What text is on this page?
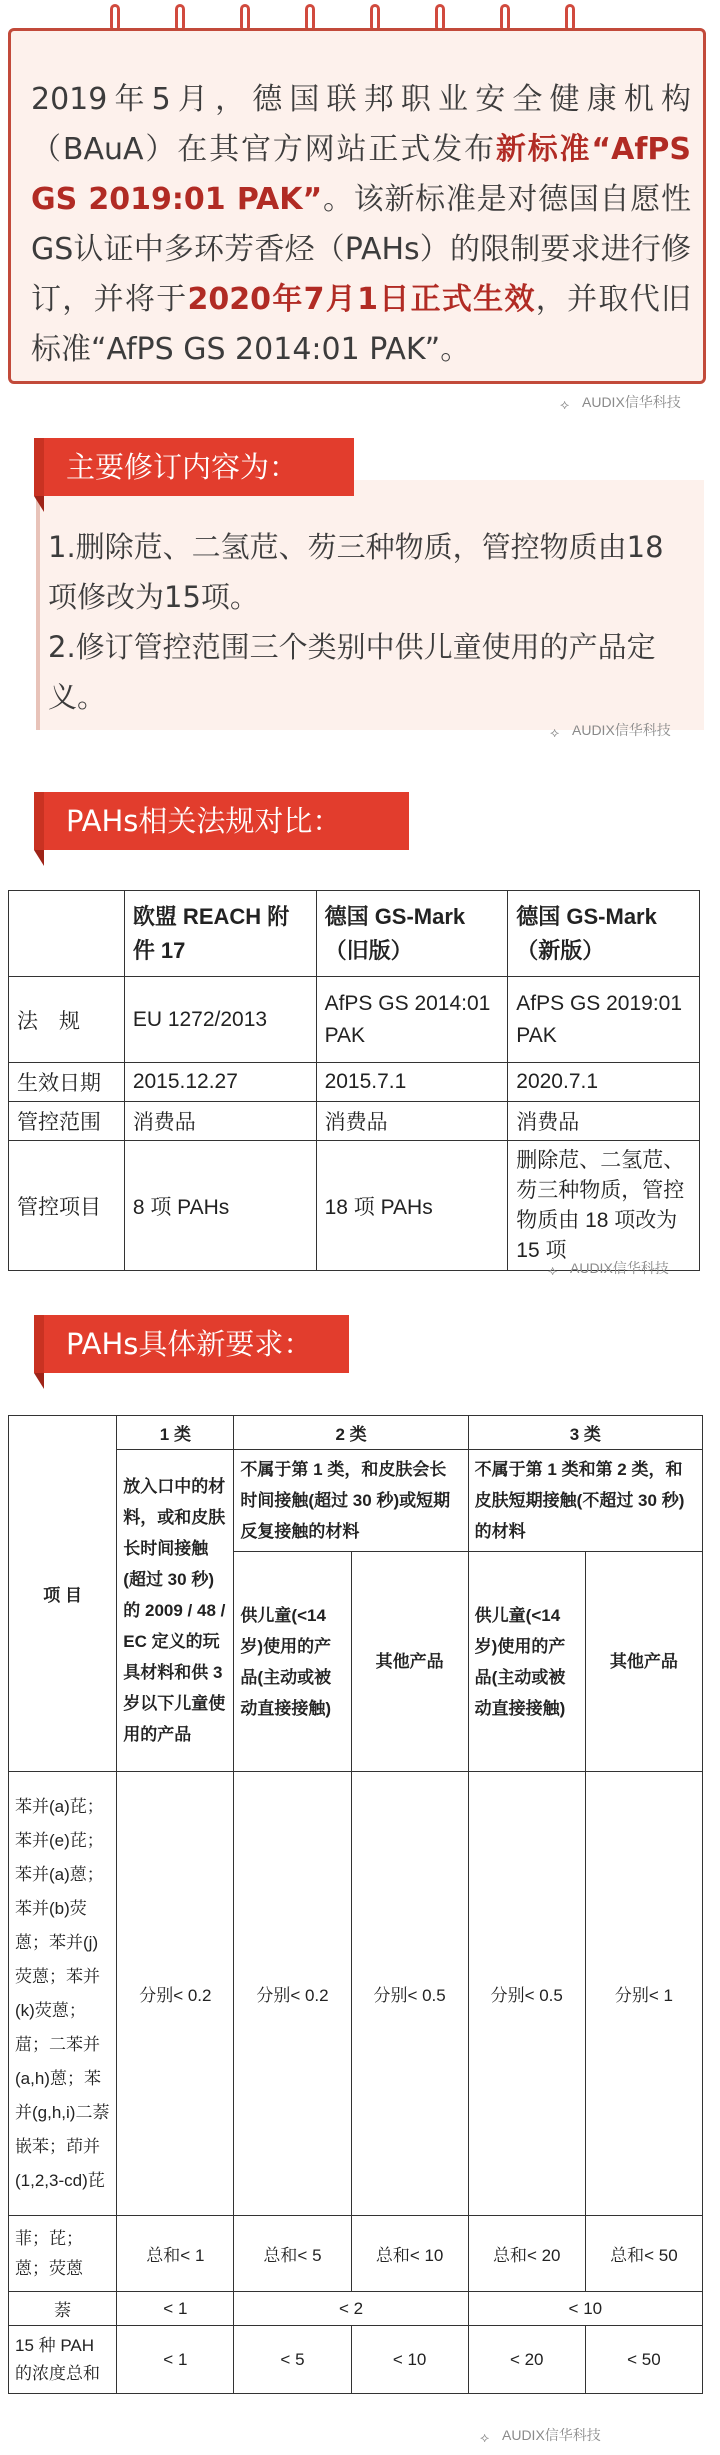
2019年5月，德国联邦职业安全健康机构（BAuA）在其官方网站正式发布新标准“AfPS GS 2019:01 PAK”。该新标准是对德国自愿性GS认证中多环芳香烃（PAHs）的限制要求进行修订，并将于2020年7月1日正式生效，并取代旧标准“AfPS GS 2014:01 PAK”。

⟡ AUDIX信华科技

1.删除苊、二氢苊、芴三种物质，管控物质由18项修改为15项。

2.修订管控范围三个类别中供儿童使用的产品定义。

主要修订内容为：
⟡ AUDIX信华科技
PAHs相关法规对比：
	欧盟 REACH 附件 17	德国 GS-Mark（旧版）	德国 GS-Mark（新版）
法　规	EU 1272/2013	AfPS GS 2014:01 PAK	AfPS GS 2019:01 PAK
生效日期	2015.12.27	2015.7.1	2020.7.1
管控范围	消费品	消费品	消费品
管控项目	8 项 PAHs	18 项 PAHs	删除苊、二氢苊、芴三种物质，管控物质由 18 项改为 15 项
⟡ AUDIX信华科技
PAHs具体新要求：
项 目	1 类	2 类		3 类	
	放入口中的材料，或和皮肤长时间接触(超过 30 秒)的 2009 / 48 / EC 定义的玩具材料和供 3 岁以下儿童使用的产品	不属于第 1 类，和皮肤会长时间接触(超过 30 秒)或短期反复接触的材料		不属于第 1 类和第 2 类，和皮肤短期接触(不超过 30 秒)的材料	
		供儿童(<14 岁)使用的产品(主动或被动直接接触)	其他产品	供儿童(<14 岁)使用的产品(主动或被动直接接触)	其他产品
苯并(a)芘；苯并(e)芘；苯并(a)蒽；苯并(b)荧蒽；苯并(j)荧蒽；苯并(k)荧蒽；䓛；二苯并(a,h)蒽；苯并(g,h,i)二萘嵌苯；茚并(1,2,3-cd)芘	分别< 0.2	分别< 0.2	分别< 0.5	分别< 0.5	分别< 1
菲；芘；蒽；荧蒽	总和< 1	总和< 5	总和< 10	总和< 20	总和< 50
萘	< 1	< 2		< 10	
15 种 PAH 的浓度总和	< 1	< 5	< 10	< 20	< 50
⟡ AUDIX信华科技
